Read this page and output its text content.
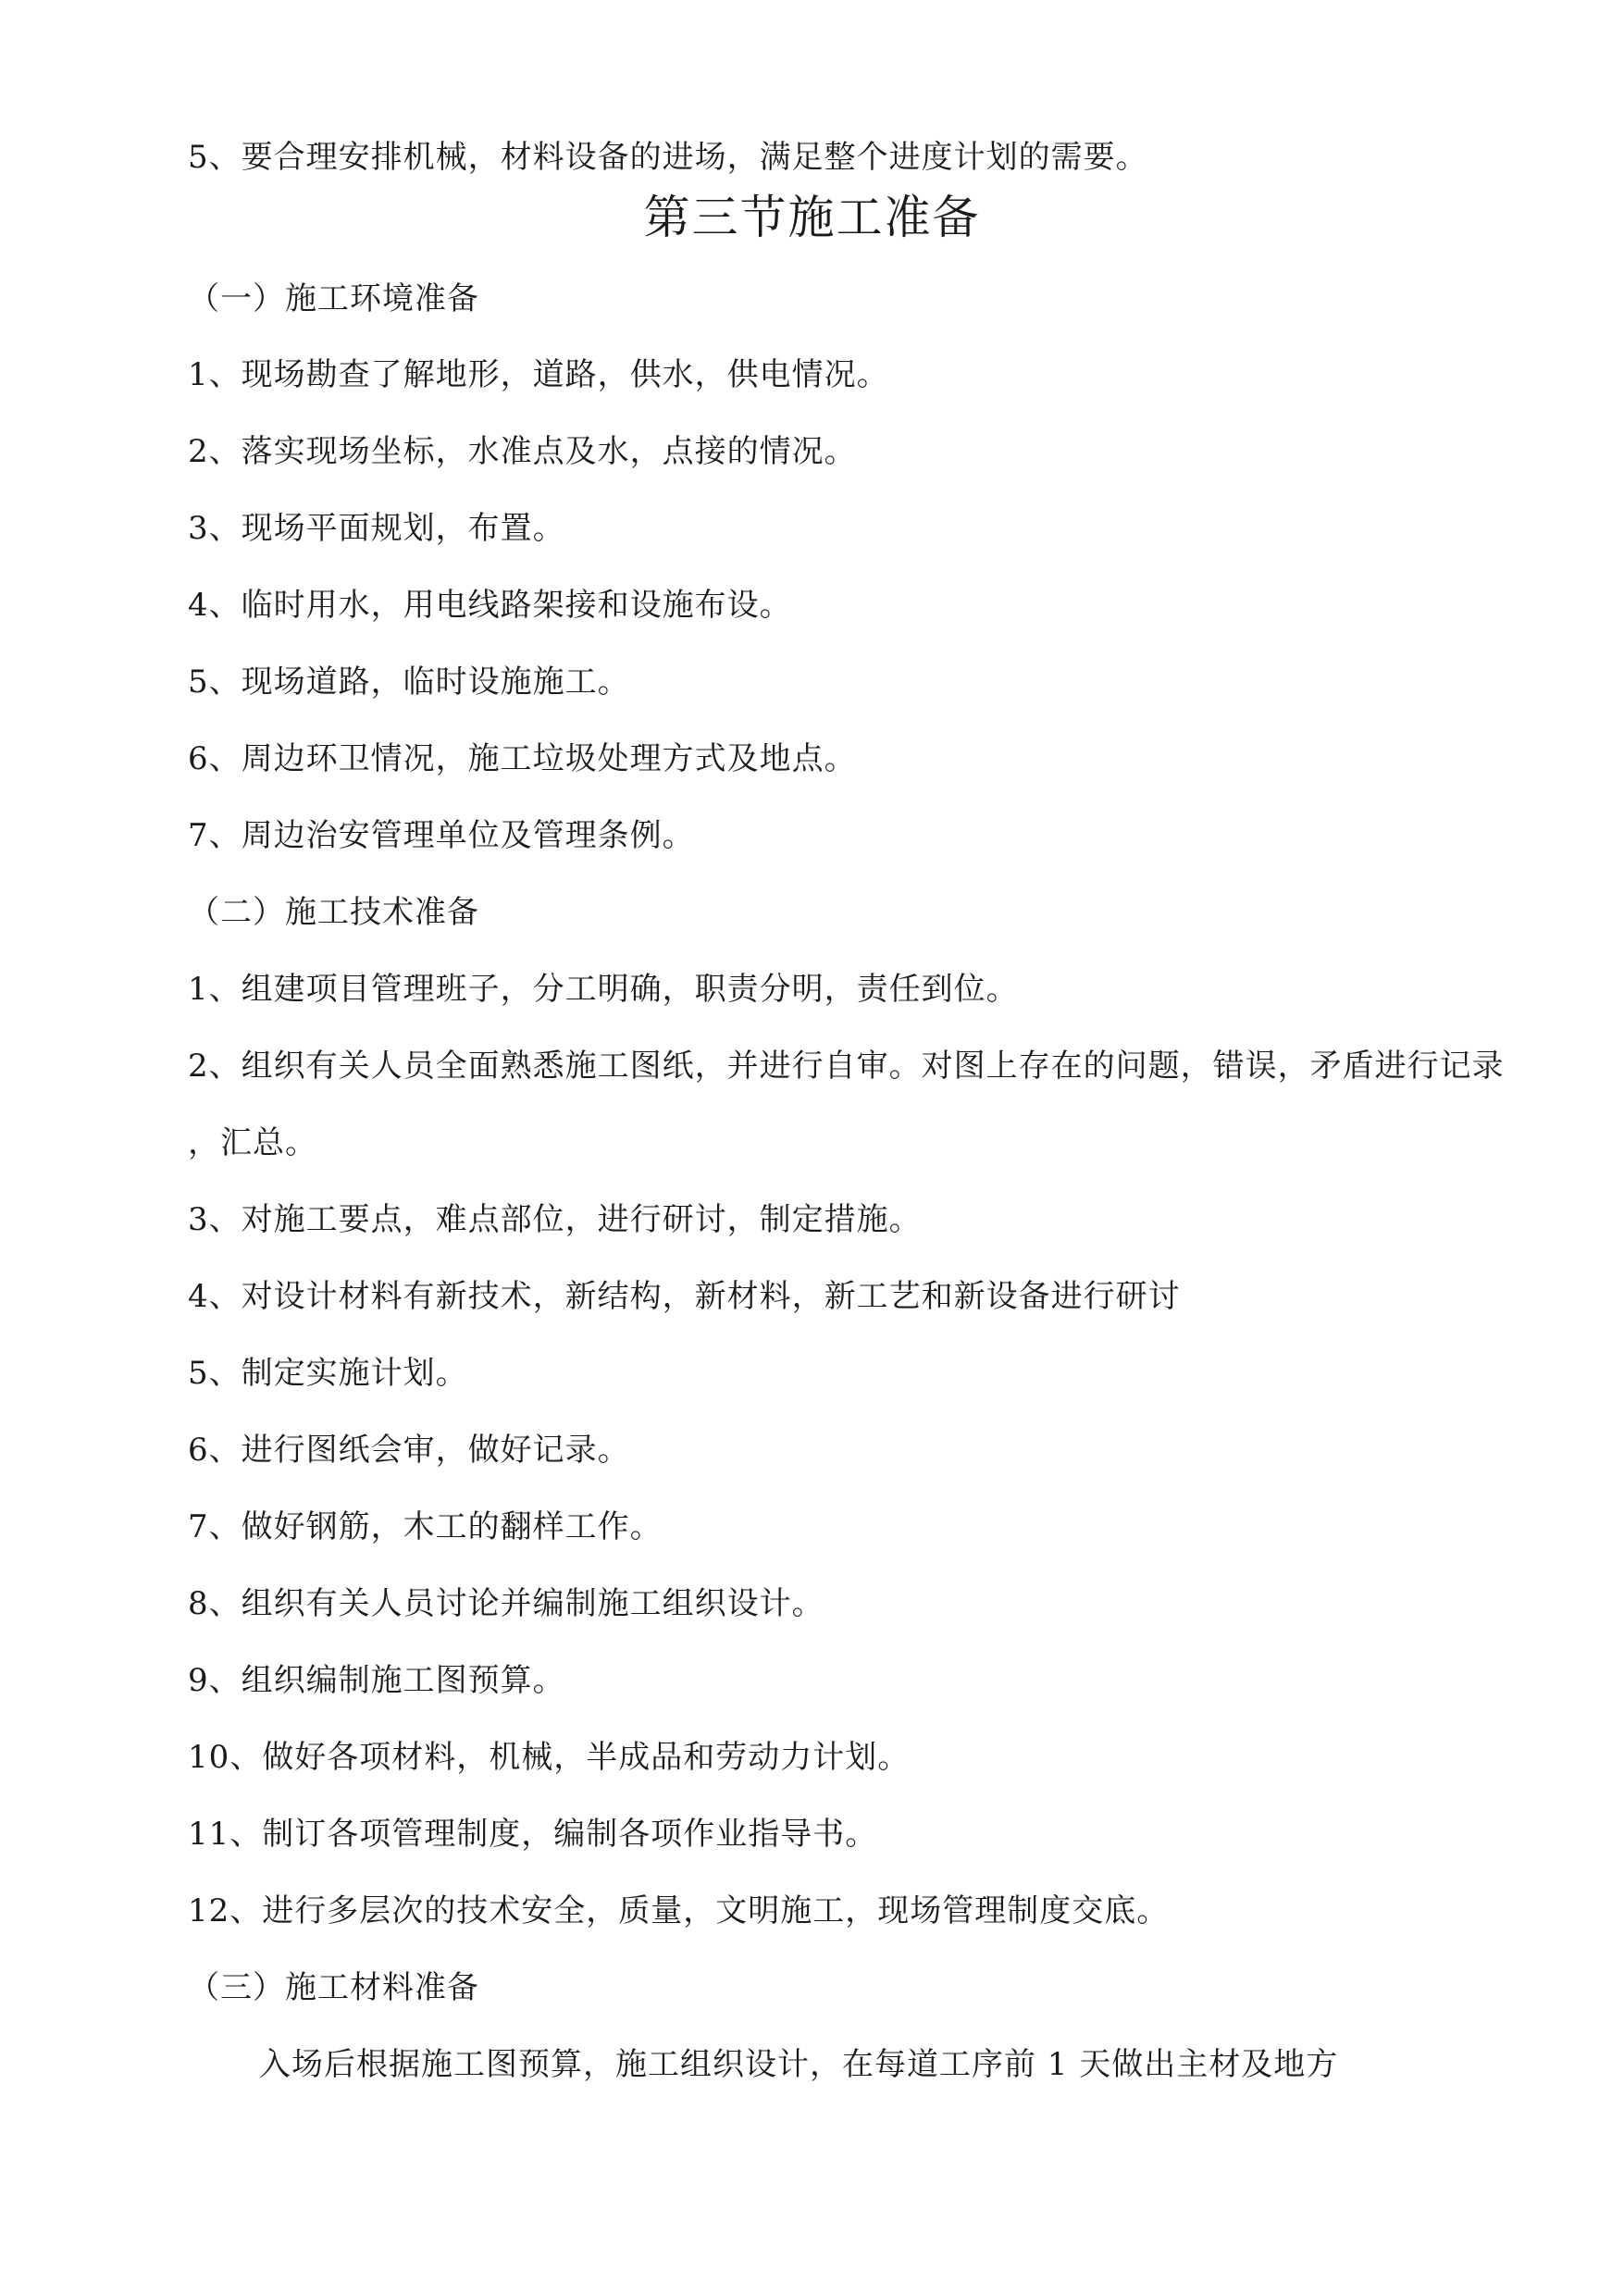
5、要合理安排机械，材料设备的进场，满足整个进度计划的需要。
第三节施工准备
（一）施工环境准备
1、现场勘查了解地形，道路，供水，供电情况。
2、落实现场坐标，水准点及水，点接的情况。
3、现场平面规划，布置。
4、临时用水，用电线路架接和设施布设。
5、现场道路，临时设施施工。
6、周边环卫情况，施工垃圾处理方式及地点。
7、周边治安管理单位及管理条例。
（二）施工技术准备
1、组建项目管理班子，分工明确，职责分明，责任到位。
2、组织有关人员全面熟悉施工图纸，并进行自审。对图上存在的问题，错误，矛盾进行记录
，汇总。
3、对施工要点，难点部位，进行研讨，制定措施。
4、对设计材料有新技术，新结构，新材料，新工艺和新设备进行研讨
5、制定实施计划。
6、进行图纸会审，做好记录。
7、做好钢筋，木工的翻样工作。
8、组织有关人员讨论并编制施工组织设计。
9、组织编制施工图预算。
10、做好各项材料，机械，半成品和劳动力计划。
11、制订各项管理制度，编制各项作业指导书。
12、进行多层次的技术安全，质量，文明施工，现场管理制度交底。
（三）施工材料准备
入场后根据施工图预算，施工组织设计，在每道工序前 1 天做出主材及地方
